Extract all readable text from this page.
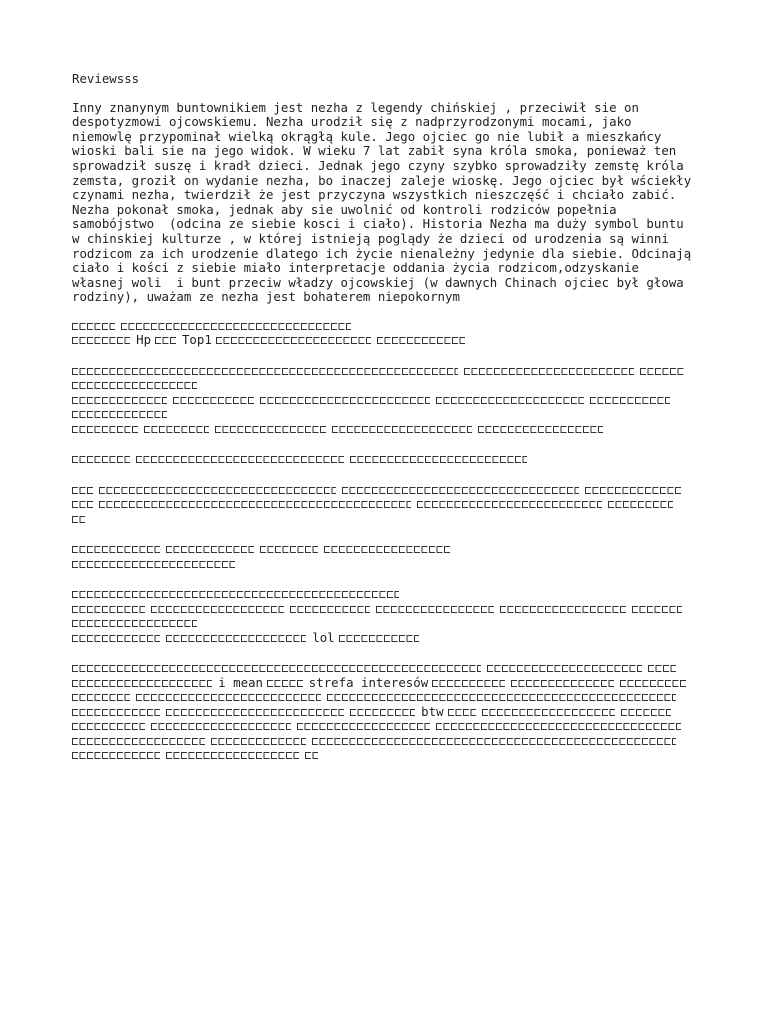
Reviewsss
Inny znanynym buntownikiem jest nezha z legendy chińskiej , przeciwił sie on
despotyzmowi ojcowskiemu. Nezha urodził się z nadprzyrodzonymi mocami, jako
niemowlę przypominał wielką okrągłą kule. Jego ojciec go nie lubił a mieszkańcy
wioski bali sie na jego widok. W wieku 7 lat zabił syna króla smoka, ponieważ ten
sprowadził suszę i kradł dzieci. Jednak jego czyny szybko sprowadziły zemstę króla
zemsta, groził on wydanie nezha, bo inaczej zaleje wioskę. Jego ojciec był wściekły
czynami nezha, twierdził że jest przyczyna wszystkich nieszczęść i chciało zabić.
Nezha pokonał smoka, jednak aby sie uwolnić od kontroli rodziców popełnia
samobójstwo  (odcina ze siebie kosci i ciało). Historia Nezha ma duży symbol buntu
w chinskiej kulturze , w której istnieją poglądy że dzieci od urodzenia są winni
rodzicom za ich urodzenie dlatego ich życie nienależny jedynie dla siebie. Odcinają
ciało i kości z siebie miało interpretacje oddania życia rodzicom,odzyskanie
własnej woli  i bunt przeciw władzy ojcowskiej (w dawnych Chinach ojciec był głowa
rodziny), uważam ze nezha jest bohaterem niepokornym
Hp Top1
lol
i mean	strefa interesów
btw
